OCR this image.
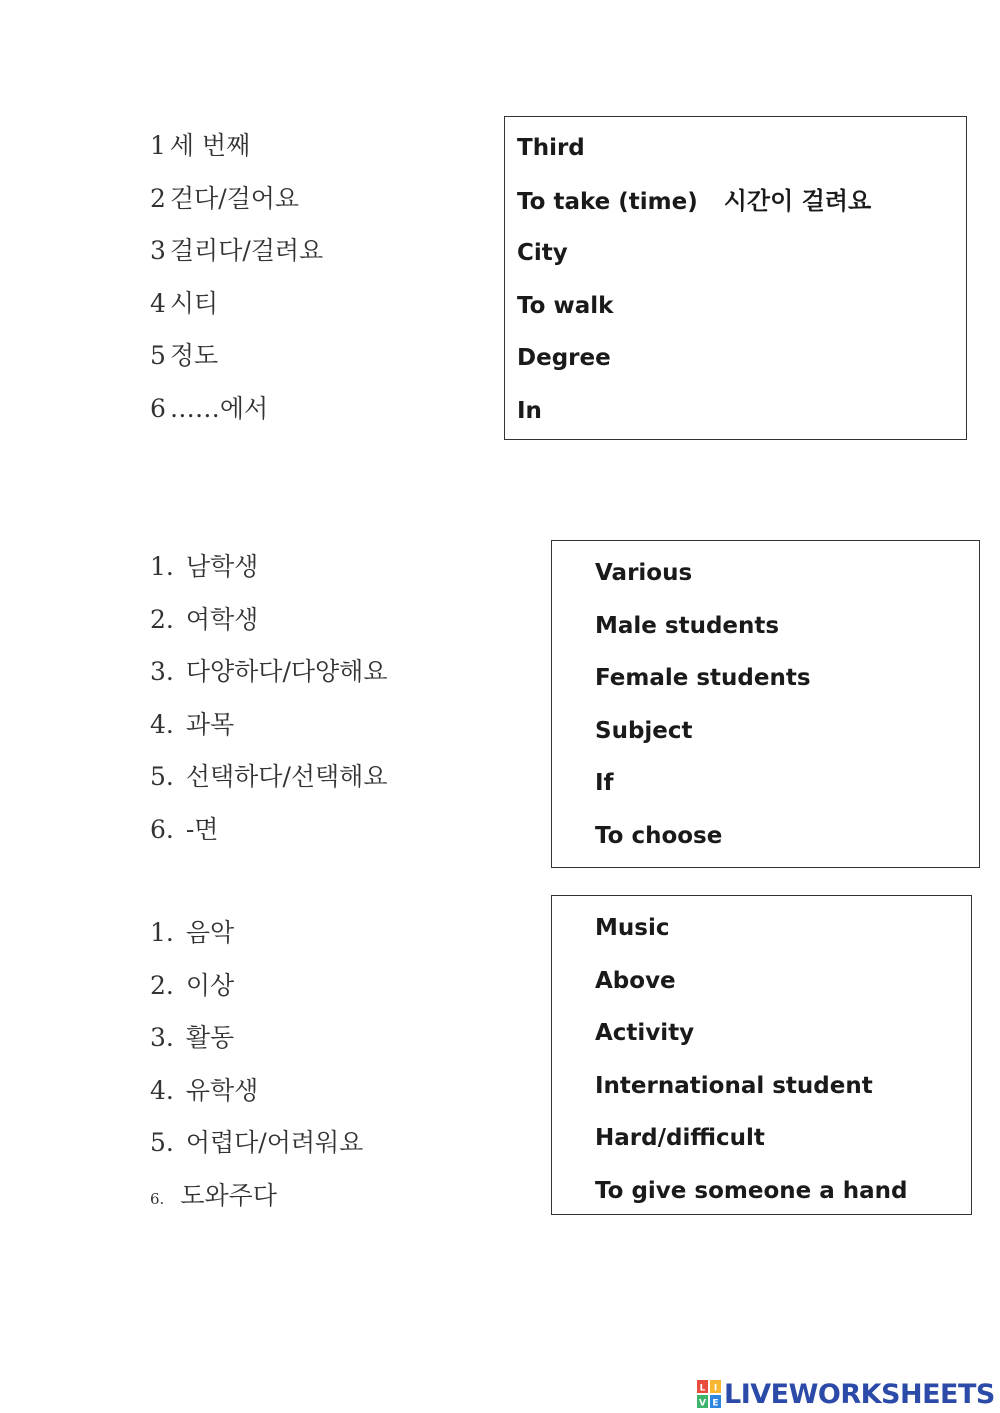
1 세 번째
2 걷다/걸어요
3 걸리다/걸려요
4 시티
5 정도
6 ……에서
Third
To take (time) 시간이 걸려요
City
To walk
Degree
In
1. 남학생
2. 여학생
3. 다양하다/다양해요
4. 과목
5. 선택하다/선택해요
6. -면
Various
Male students
Female students
Subject
If
To choose
1. 음악
2. 이상
3. 활동
4. 유학생
5. 어렵다/어려워요
6. 도와주다
Music
Above
Activity
International student
Hard/difficult
To give someone a hand
L I
V E LIVEWORKSHEETS
